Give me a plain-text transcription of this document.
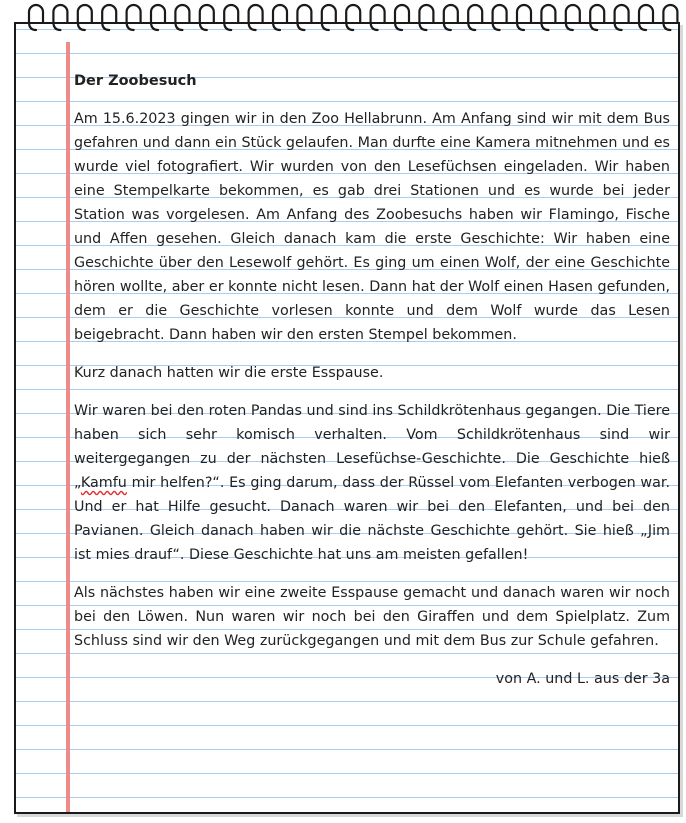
Der Zoobesuch

Am 15.6.2023 gingen wir in den Zoo Hellabrunn. Am Anfang sind wir mit dem Bus gefahren und dann ein Stück gelaufen. Man durfte eine Kamera mitnehmen und es wurde viel fotografiert. Wir wurden von den Lesefüchsen eingeladen. Wir haben eine Stempelkarte bekommen, es gab drei Stationen und es wurde bei jeder Station was vorgelesen. Am Anfang des Zoobesuchs haben wir Flamingo, Fische und Affen gesehen. Gleich danach kam die erste Geschichte: Wir haben eine Geschichte über den Lesewolf gehört. Es ging um einen Wolf, der eine Geschichte hören wollte, aber er konnte nicht lesen. Dann hat der Wolf einen Hasen gefunden, dem er die Geschichte vorlesen konnte und dem Wolf wurde das Lesen beigebracht. Dann haben wir den ersten Stempel bekommen.

Kurz danach hatten wir die erste Esspause.

Wir waren bei den roten Pandas und sind ins Schildkrötenhaus gegangen. Die Tiere haben sich sehr komisch verhalten. Vom Schildkrötenhaus sind wir weitergegangen zu der nächsten Lesefüchse-Geschichte. Die Geschichte hieß „Kamfu mir helfen?“. Es ging darum, dass der Rüssel vom Elefanten verbogen war. Und er hat Hilfe gesucht. Danach waren wir bei den Elefanten, und bei den Pavianen. Gleich danach haben wir die nächste Geschichte gehört. Sie hieß „Jim ist mies drauf“. Diese Geschichte hat uns am meisten gefallen!

Als nächstes haben wir eine zweite Esspause gemacht und danach waren wir noch bei den Löwen. Nun waren wir noch bei den Giraffen und dem Spielplatz. Zum Schluss sind wir den Weg zurückgegangen und mit dem Bus zur Schule gefahren.

von A. und L. aus der 3a
